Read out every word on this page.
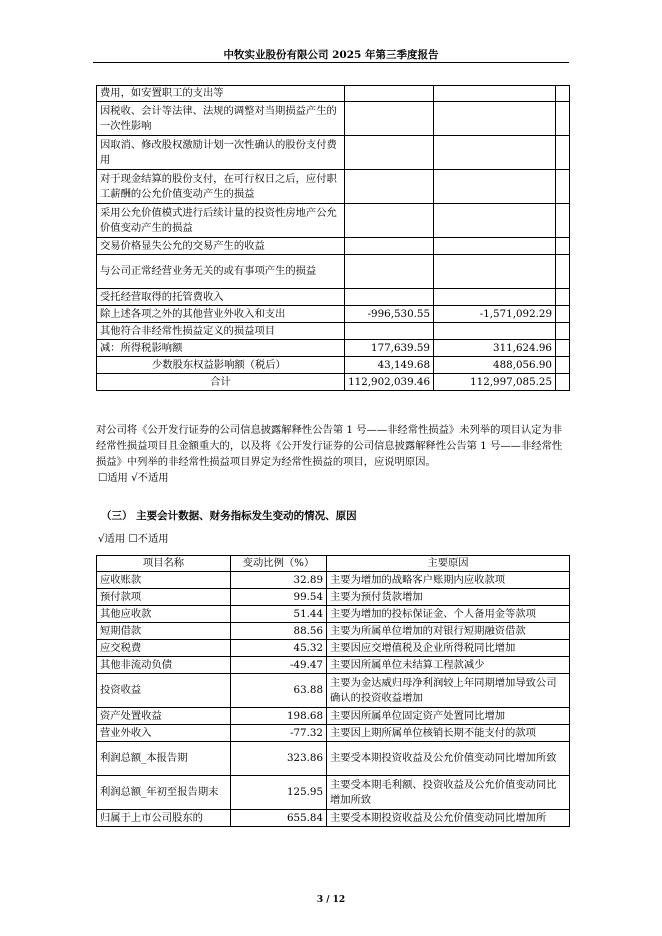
中牧实业股份有限公司 2025 年第三季度报告
费用，如安置职工的支出等			
因税收、会计等法律、法规的调整对当期损益产生的一次性影响			
因取消、修改股权激励计划一次性确认的股份支付费用			
对于现金结算的股份支付，在可行权日之后，应付职工薪酬的公允价值变动产生的损益			
采用公允价值模式进行后续计量的投资性房地产公允价值变动产生的损益			
交易价格显失公允的交易产生的收益			
与公司正常经营业务无关的或有事项产生的损益			
受托经营取得的托管费收入			
除上述各项之外的其他营业外收入和支出	-996,530.55	-1,571,092.29	
其他符合非经常性损益定义的损益项目			
减：所得税影响额	177,639.59	311,624.96	
少数股东权益影响额（税后）	43,149.68	488,056.90	
合计	112,902,039.46	112,997,085.25	
对公司将《公开发行证券的公司信息披露解释性公告第 1 号——非经常性损益》未列举的项目认定为非经常性损益项目且金额重大的，以及将《公开发行证券的公司信息披露解释性公告第 1 号——非经常性损益》中列举的非经常性损益项目界定为经常性损益的项目，应说明原因。
☐适用 √不适用
（三） 主要会计数据、财务指标发生变动的情况、原因
√适用 ☐不适用
项目名称	变动比例（%）	主要原因
应收账款	32.89	主要为增加的战略客户账期内应收款项
预付款项	99.54	主要为预付货款增加
其他应收款	51.44	主要为增加的投标保证金、个人备用金等款项
短期借款	88.56	主要为所属单位增加的对银行短期融资借款
应交税费	45.32	主要因应交增值税及企业所得税同比增加
其他非流动负债	-49.47	主要因所属单位未结算工程款减少
投资收益	63.88	主要为金达威归母净利润较上年同期增加导致公司确认的投资收益增加
资产处置收益	198.68	主要因所属单位固定资产处置同比增加
营业外收入	-77.32	主要因上期所属单位核销长期不能支付的款项
利润总额_本报告期	323.86	主要受本期投资收益及公允价值变动同比增加所致
利润总额_年初至报告期末	125.95	主要受本期毛利额、投资收益及公允价值变动同比增加所致
归属于上市公司股东的	655.84	主要受本期投资收益及公允价值变动同比增加所
3 / 12
